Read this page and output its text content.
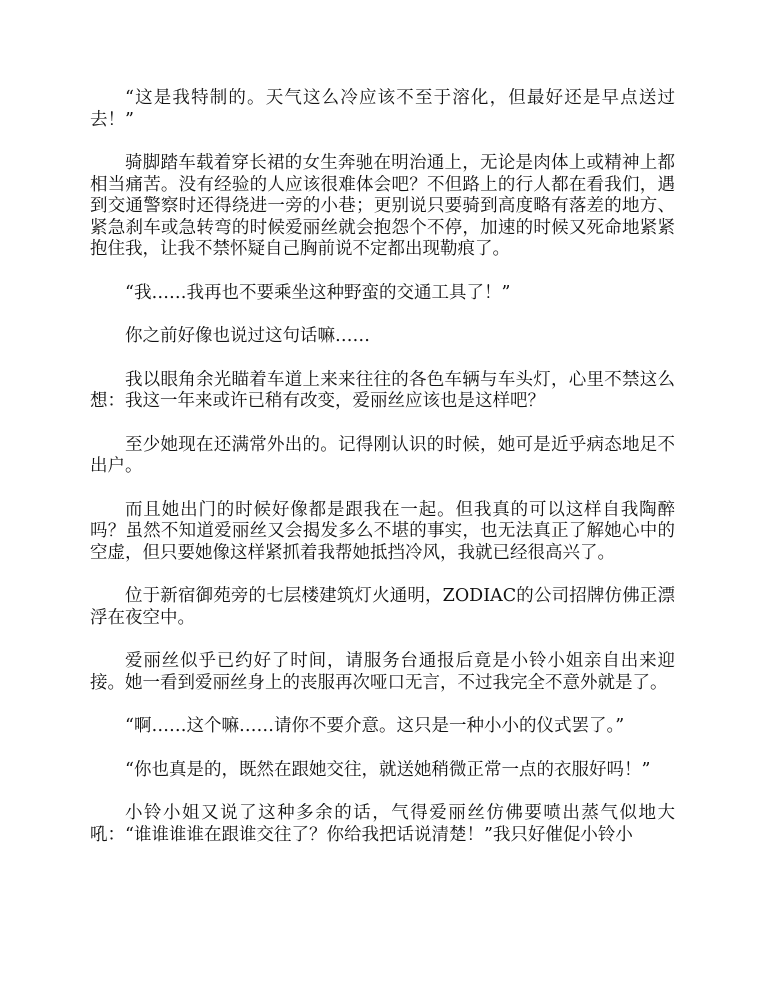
“这是我特制的。天气这么冷应该不至于溶化，但最好还是早点送过去！”

骑脚踏车载着穿长裙的女生奔驰在明治通上，无论是肉体上或精神上都相当痛苦。没有经验的人应该很难体会吧？不但路上的行人都在看我们，遇到交通警察时还得绕进一旁的小巷；更别说只要骑到高度略有落差的地方、紧急刹车或急转弯的时候爱丽丝就会抱怨个不停，加速的时候又死命地紧紧抱住我，让我不禁怀疑自己胸前说不定都出现勒痕了。

“我……我再也不要乘坐这种野蛮的交通工具了！”

你之前好像也说过这句话嘛……

我以眼角余光瞄着车道上来来往往的各色车辆与车头灯，心里不禁这么想：我这一年来或许已稍有改变，爱丽丝应该也是这样吧？

至少她现在还满常外出的。记得刚认识的时候，她可是近乎病态地足不出户。

而且她出门的时候好像都是跟我在一起。但我真的可以这样自我陶醉吗？虽然不知道爱丽丝又会揭发多么不堪的事实，也无法真正了解她心中的空虚，但只要她像这样紧抓着我帮她抵挡冷风，我就已经很高兴了。

位于新宿御苑旁的七层楼建筑灯火通明，ZODIAC的公司招牌仿佛正漂浮在夜空中。

爱丽丝似乎已约好了时间，请服务台通报后竟是小铃小姐亲自出来迎接。她一看到爱丽丝身上的丧服再次哑口无言，不过我完全不意外就是了。

“啊……这个嘛……请你不要介意。这只是一种小小的仪式罢了。”

“你也真是的，既然在跟她交往，就送她稍微正常一点的衣服好吗！”

小铃小姐又说了这种多余的话，气得爱丽丝仿佛要喷出蒸气似地大吼：“谁谁谁谁在跟谁交往了？你给我把话说清楚！”我只好催促小铃小
